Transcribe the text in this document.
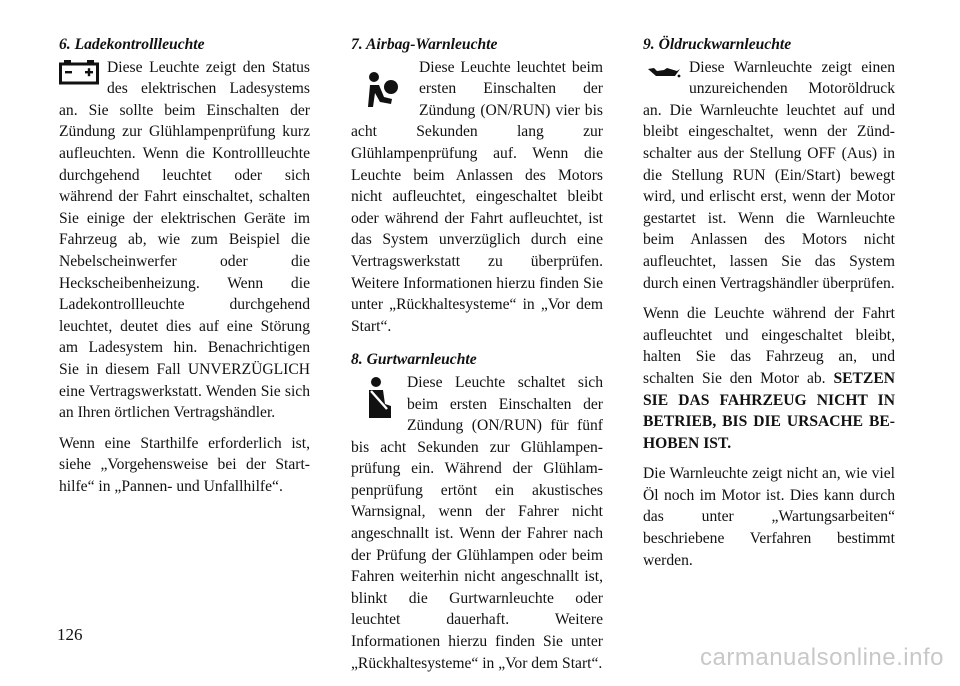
6. Ladekontrollleuchte

Diese Leuchte zeigt den Status des elektrischen Ladesystems an. Sie sollte beim Einschalten der Zündung zur Glühlampenprüfung kurz aufleuchten. Wenn die Kontrollleuchte durchgehend leuchtet oder sich während der Fahrt einschaltet, schalten Sie einige der elektrischen Geräte im Fahrzeug ab, wie zum Beispiel die Nebelscheinwerfer oder die Heckscheibenheizung. Wenn die Ladekontrollleuchte durchgehend leuchtet, deutet dies auf eine Störung am Ladesystem hin. Benachrichtigen Sie in diesem Fall UNVERZÜGLICH eine Vertragswerkstatt. Wenden Sie sich an Ihren örtlichen Vertragshändler.

Wenn eine Starthilfe erforderlich ist, siehe „Vorgehensweise bei der Starthilfe“ in „Pannen- und Unfallhilfe“.

7. Airbag-Warnleuchte

Diese Leuchte leuchtet beim ersten Einschalten der Zündung (ON/RUN) vier bis acht Sekunden lang zur Glühlampenprüfung auf. Wenn die Leuchte beim Anlassen des Motors nicht aufleuchtet, eingeschaltet bleibt oder während der Fahrt aufleuchtet, ist das System unverzüglich durch eine Vertragswerkstatt zu überprüfen. Weitere Informationen hierzu finden Sie unter „Rückhaltesysteme“ in „Vor dem Start“.

8. Gurtwarnleuchte

Diese Leuchte schaltet sich beim ersten Einschalten der Zündung (ON/RUN) für fünf bis acht Sekunden zur Glühlampenprüfung ein. Während der Glühlampenprüfung ertönt ein akustisches Warnsignal, wenn der Fahrer nicht angeschnallt ist. Wenn der Fahrer nach der Prüfung der Glühlampen oder beim Fahren weiterhin nicht angeschnallt ist, blinkt die Gurtwarnleuchte oder leuchtet dauerhaft. Weitere Informationen hierzu finden Sie unter „Rückhaltesysteme“ in „Vor dem Start“.

9. Öldruckwarnleuchte

Diese Warnleuchte zeigt einen unzureichenden Motoröldruck an. Die Warnleuchte leuchtet auf und bleibt eingeschaltet, wenn der Zündschalter aus der Stellung OFF (Aus) in die Stellung RUN (Ein/Start) bewegt wird, und erlischt erst, wenn der Motor gestartet ist. Wenn die Warnleuchte beim Anlassen des Motors nicht aufleuchtet, lassen Sie das System durch einen Vertragshändler überprüfen.

Wenn die Leuchte während der Fahrt aufleuchtet und eingeschaltet bleibt, halten Sie das Fahrzeug an, und schalten Sie den Motor ab. SETZEN SIE DAS FAHRZEUG NICHT IN BETRIEB, BIS DIE URSACHE BEHOBEN IST.

Die Warnleuchte zeigt nicht an, wie viel Öl noch im Motor ist. Dies kann durch das unter „Wartungsarbeiten“ beschriebene Verfahren bestimmt werden.

126
carmanualsonline.info
